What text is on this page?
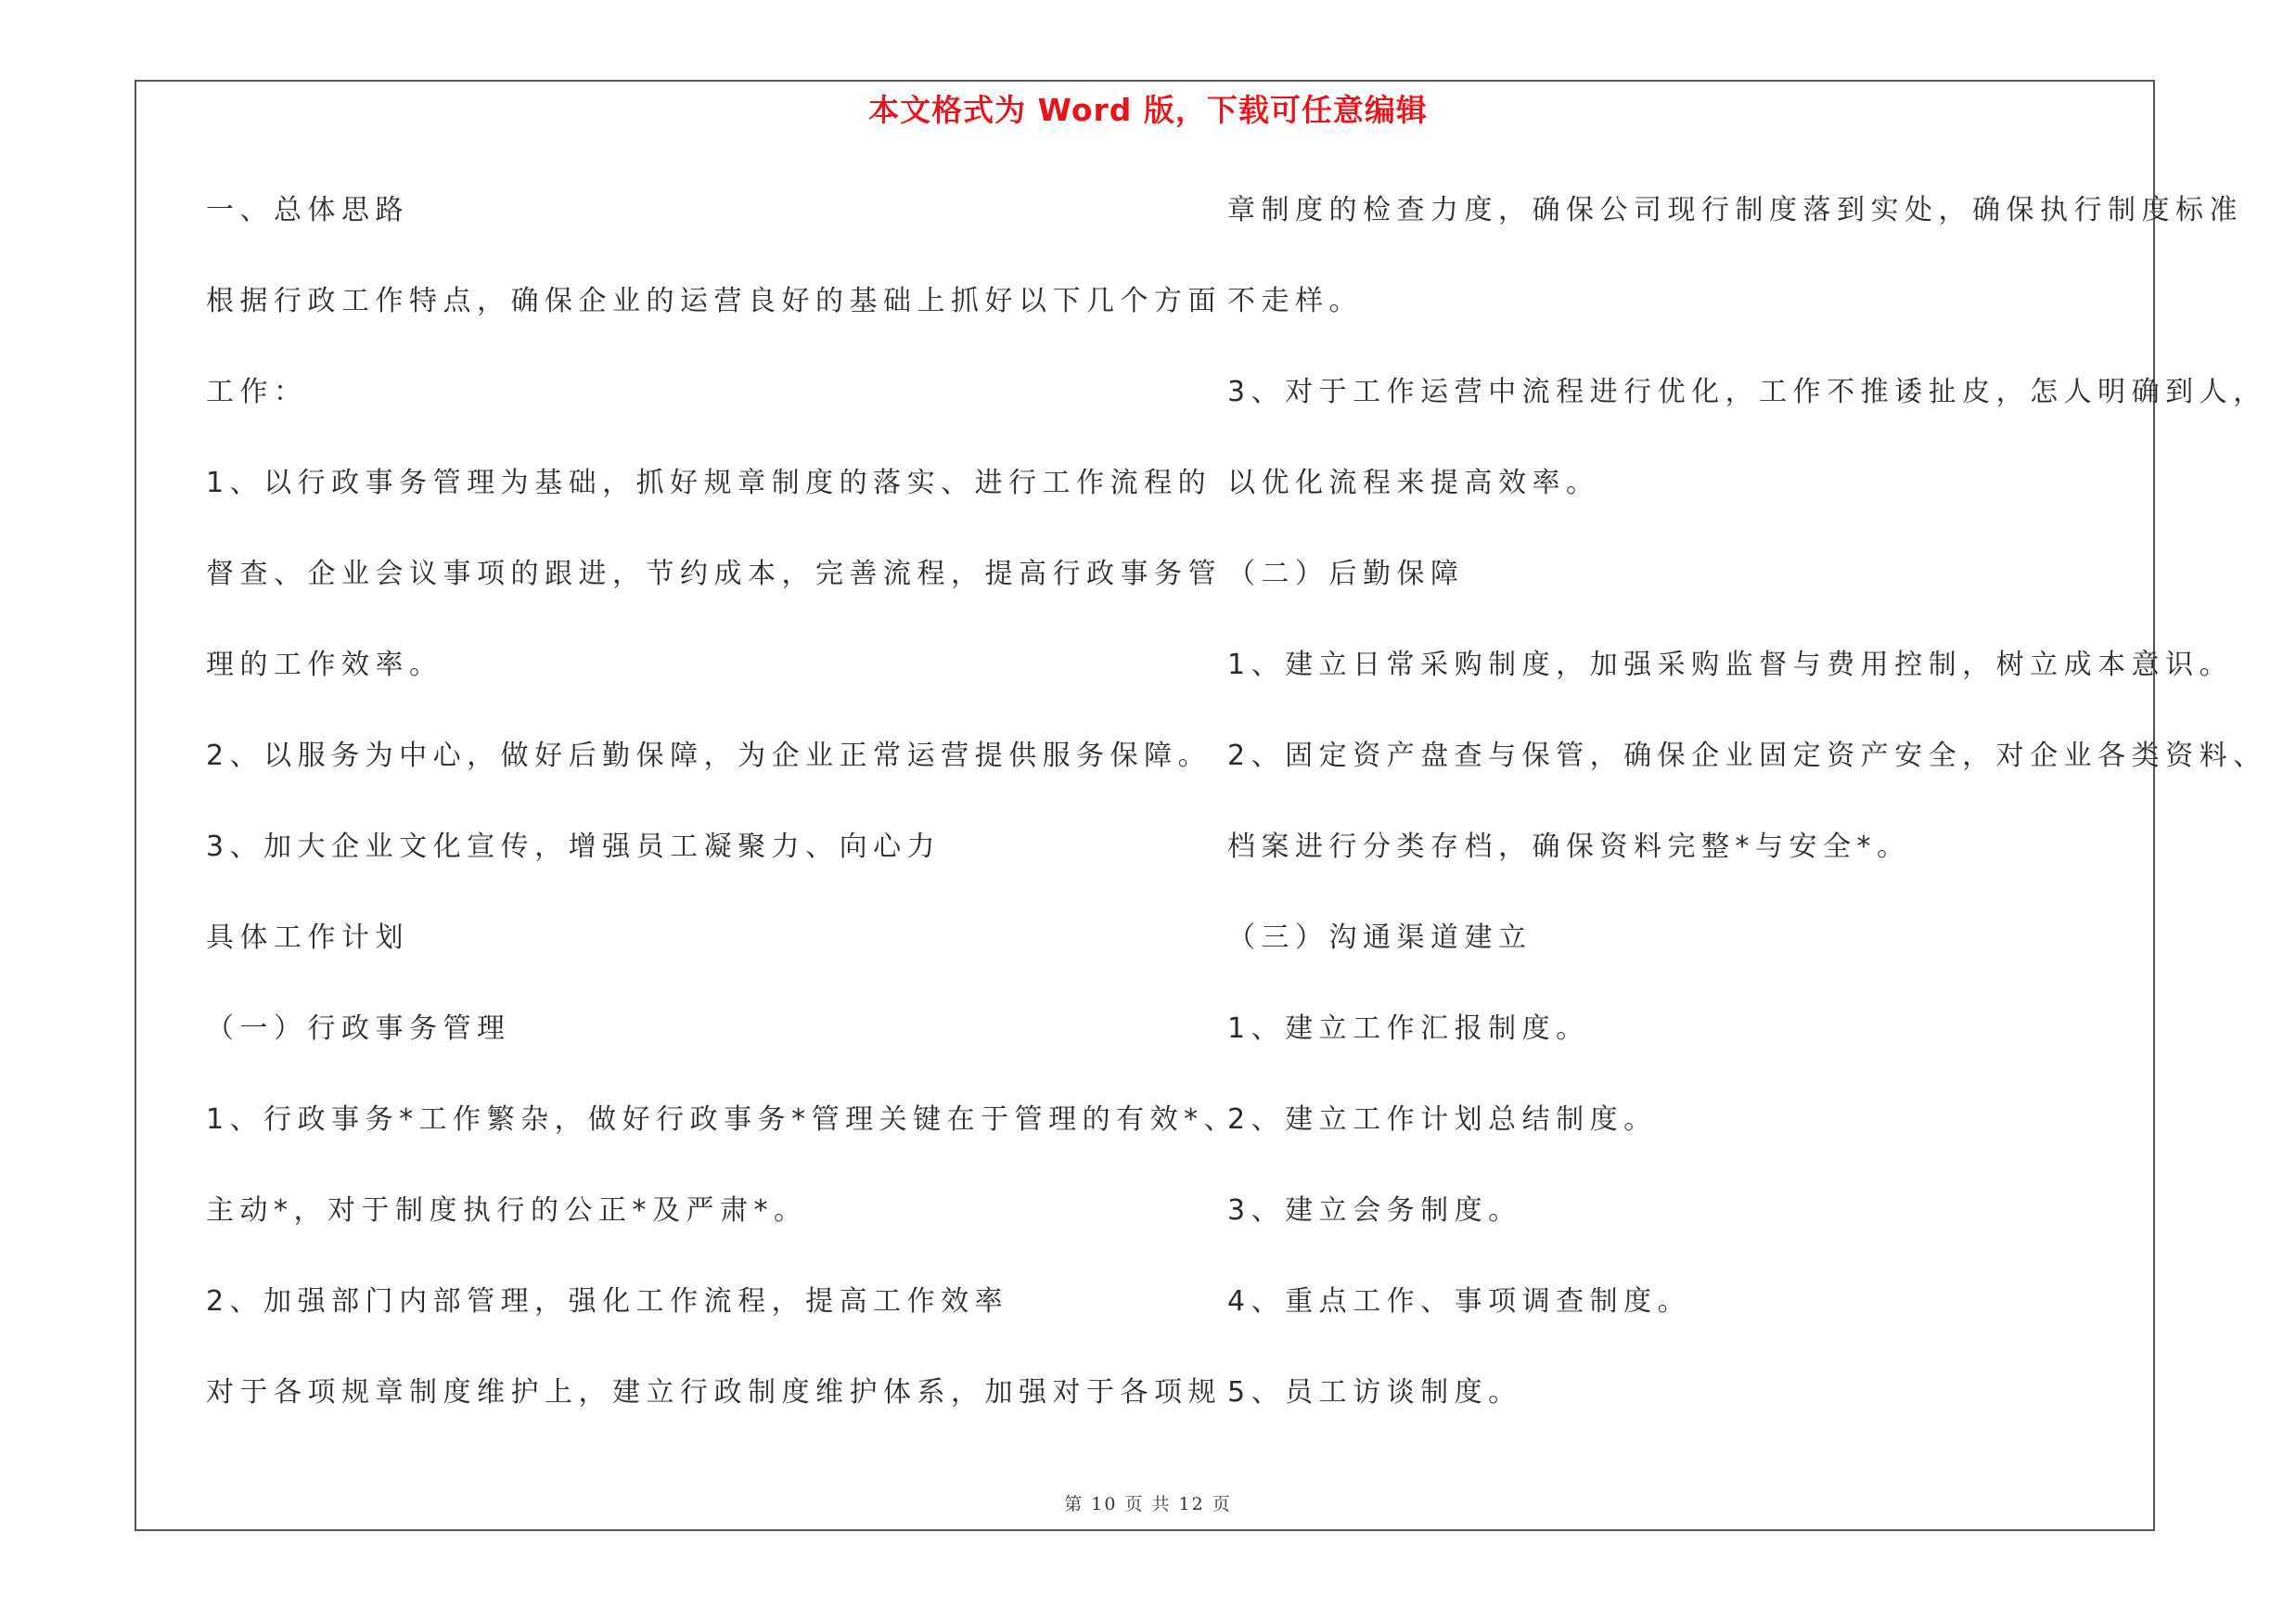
本文格式为 Word 版，下载可任意编辑
一、总体思路
根据行政工作特点，确保企业的运营良好的基础上抓好以下几个方面
工作：
1、以行政事务管理为基础，抓好规章制度的落实、进行工作流程的
督查、企业会议事项的跟进，节约成本，完善流程，提高行政事务管
理的工作效率。
2、以服务为中心，做好后勤保障，为企业正常运营提供服务保障。
3、加大企业文化宣传，增强员工凝聚力、向心力
具体工作计划
（一）行政事务管理
1、行政事务*工作繁杂，做好行政事务*管理关键在于管理的有效*、
主动*，对于制度执行的公正*及严肃*。
2、加强部门内部管理，强化工作流程，提高工作效率
对于各项规章制度维护上，建立行政制度维护体系，加强对于各项规
章制度的检查力度，确保公司现行制度落到实处，确保执行制度标准
不走样。
3、对于工作运营中流程进行优化，工作不推诿扯皮，怎人明确到人，
以优化流程来提高效率。
（二）后勤保障
1、建立日常采购制度，加强采购监督与费用控制，树立成本意识。
2、固定资产盘查与保管，确保企业固定资产安全，对企业各类资料、
档案进行分类存档，确保资料完整*与安全*。
（三）沟通渠道建立
1、建立工作汇报制度。
2、建立工作计划总结制度。
3、建立会务制度。
4、重点工作、事项调查制度。
5、员工访谈制度。
第 10 页 共 12 页
